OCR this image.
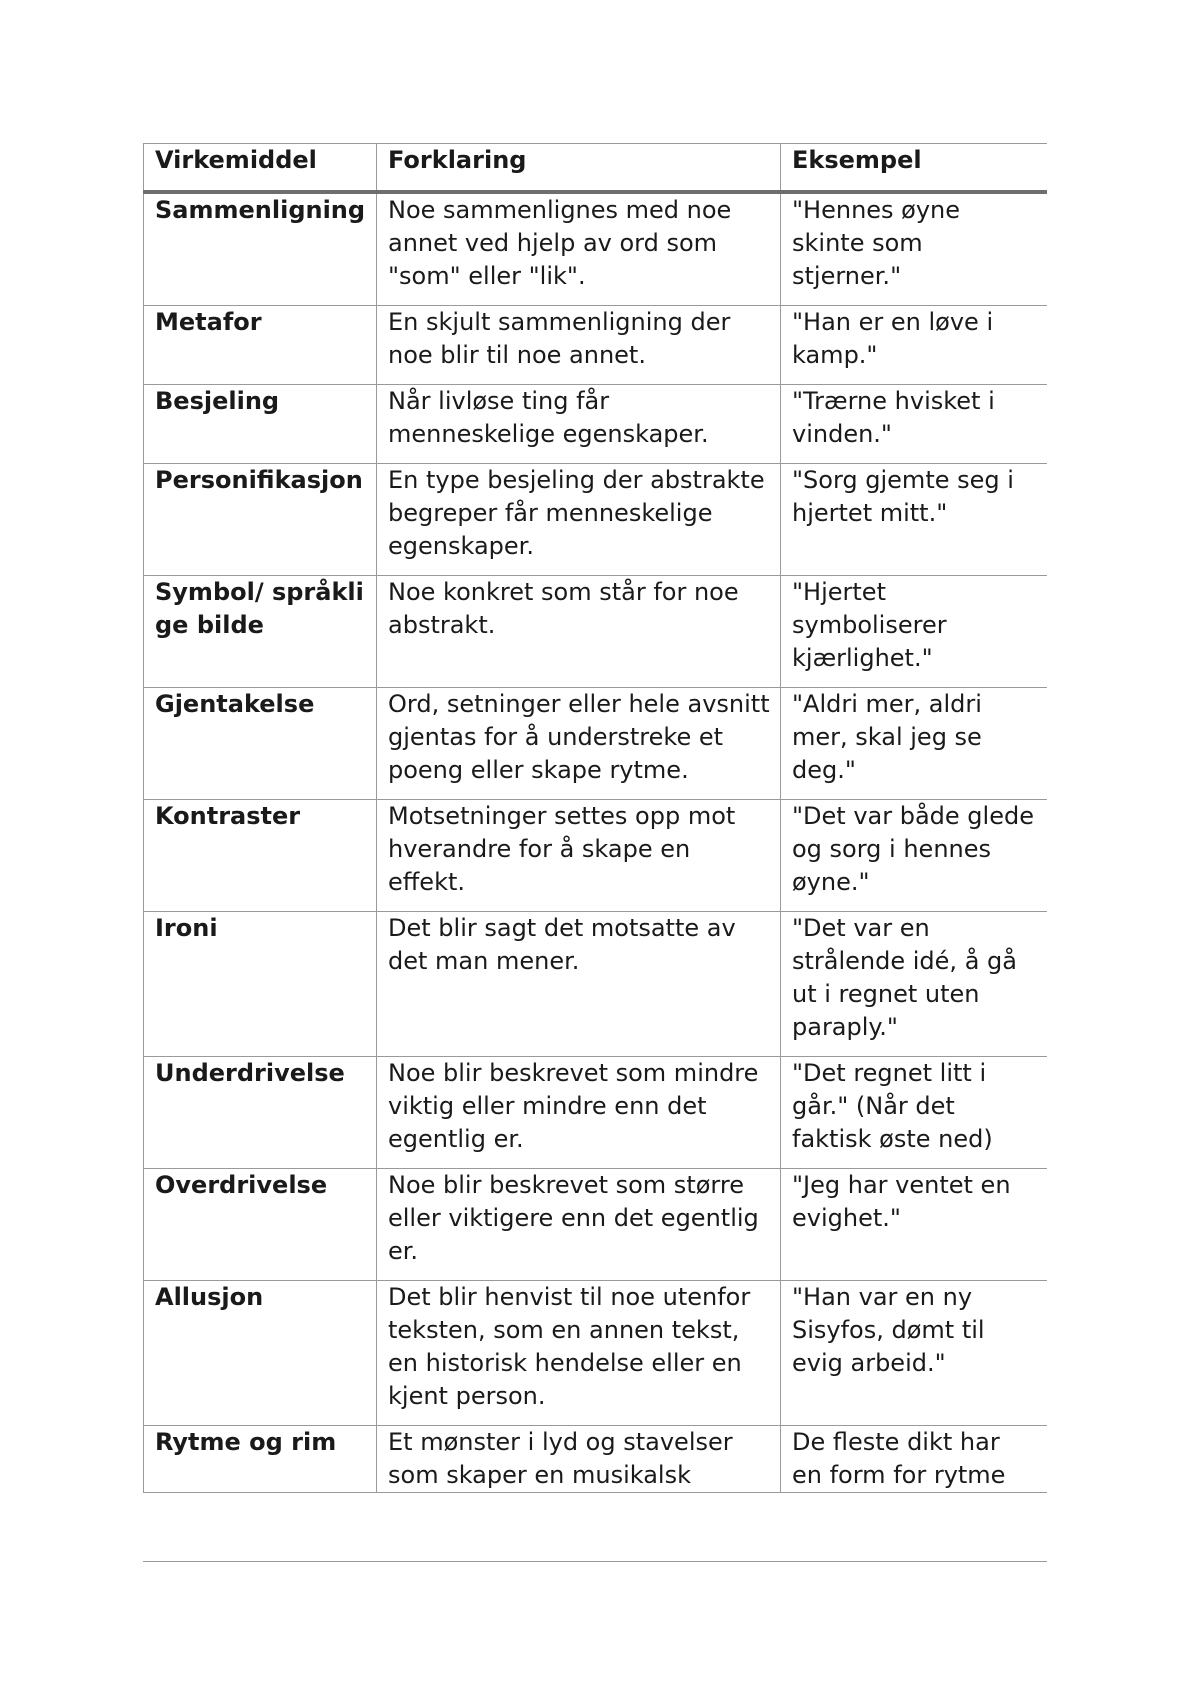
Virkemiddel	Forklaring	Eksempel
Sammenligning	Noe sammenlignes med noe annet ved hjelp av ord som "som" eller "lik".	"Hennes øyne skinte som stjerner."
Metafor	En skjult sammenligning der noe blir til noe annet.	"Han er en løve i kamp."
Besjeling	Når livløse ting får menneskelige egenskaper.	"Trærne hvisket i vinden."
Personifikasjon	En type besjeling der abstrakte begreper får menneskelige egenskaper.	"Sorg gjemte seg i hjertet mitt."
Symbol/ språklige bilde	Noe konkret som står for noe abstrakt.	"Hjertet symboliserer kjærlighet."
Gjentakelse	Ord, setninger eller hele avsnitt gjentas for å understreke et poeng eller skape rytme.	"Aldri mer, aldri mer, skal jeg se deg."
Kontraster	Motsetninger settes opp mot hverandre for å skape en effekt.	"Det var både glede og sorg i hennes øyne."
Ironi	Det blir sagt det motsatte av det man mener.	"Det var en strålende idé, å gå ut i regnet uten paraply."
Underdrivelse	Noe blir beskrevet som mindre viktig eller mindre enn det egentlig er.	"Det regnet litt i går." (Når det faktisk øste ned)
Overdrivelse	Noe blir beskrevet som større eller viktigere enn det egentlig er.	"Jeg har ventet en evighet."
Allusjon	Det blir henvist til noe utenfor teksten, som en annen tekst, en historisk hendelse eller en kjent person.	"Han var en ny Sisyfos, dømt til evig arbeid."
Rytme og rim	Et mønster i lyd og stavelser som skaper en musikalsk	De fleste dikt har en form for rytme
